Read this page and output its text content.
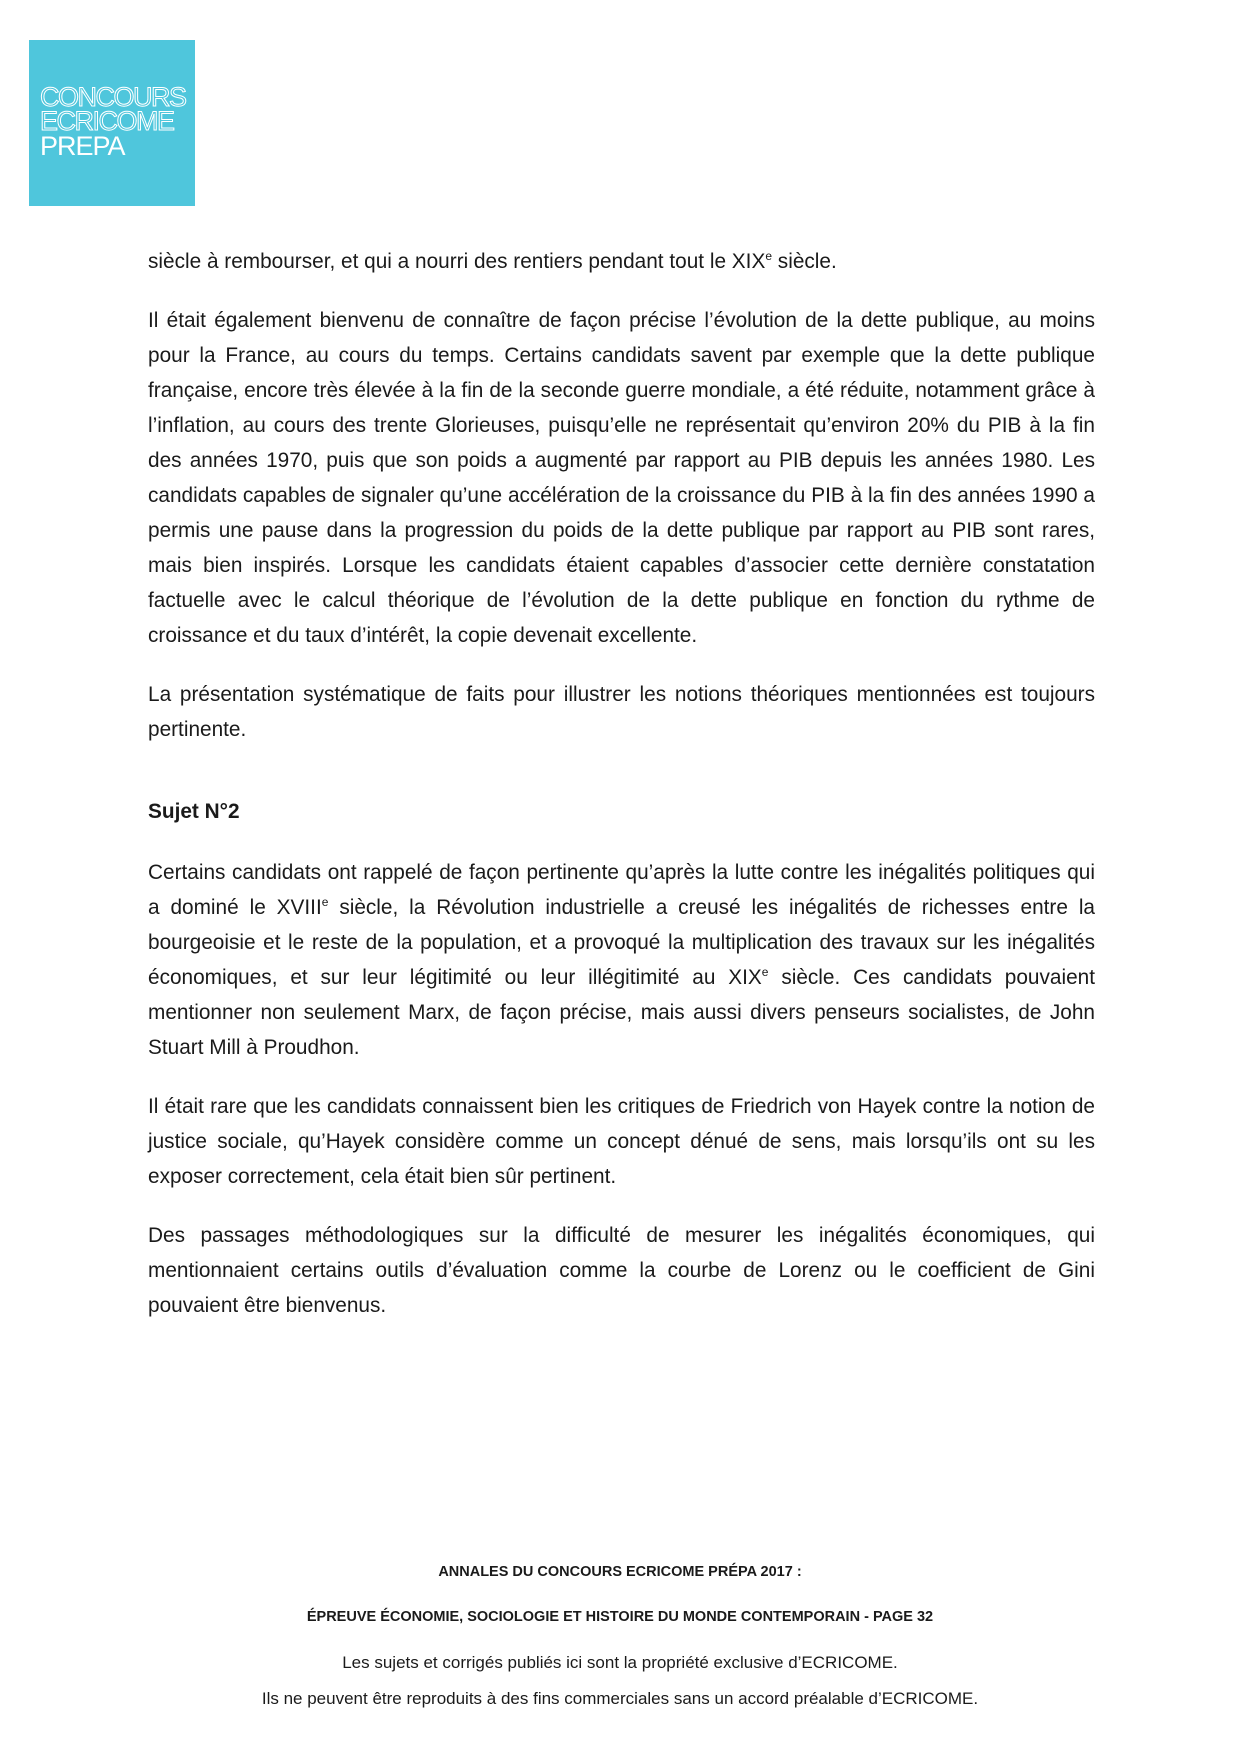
CONCOURS
ECRICOME
PREPA

siècle à rembourser, et qui a nourri des rentiers pendant tout le XIXe siècle.

Il était également bienvenu de connaître de façon précise l’évolution de la dette publique, au moins pour la France, au cours du temps. Certains candidats savent par exemple que la dette publique française, encore très élevée à la fin de la seconde guerre mondiale, a été réduite, notamment grâce à l’inflation, au cours des trente Glorieuses, puisqu’elle ne représentait qu’environ 20% du PIB à la fin des années 1970, puis que son poids a augmenté par rapport au PIB depuis les années 1980. Les candidats capables de signaler qu’une accélération de la croissance du PIB à la fin des années 1990 a permis une pause dans la progression du poids de la dette publique par rapport au PIB sont rares, mais bien inspirés. Lorsque les candidats étaient capables d’associer cette dernière constatation factuelle avec le calcul théorique de l’évolution de la dette publique en fonction du rythme de croissance et du taux d’intérêt, la copie devenait excellente.

La présentation systématique de faits pour illustrer les notions théoriques mentionnées est toujours pertinente.

Sujet N°2

Certains candidats ont rappelé de façon pertinente qu’après la lutte contre les inégalités politiques qui a dominé le XVIIIe siècle, la Révolution industrielle a creusé les inégalités de richesses entre la bourgeoisie et le reste de la population, et a provoqué la multiplication des travaux sur les inégalités économiques, et sur leur légitimité ou leur illégitimité au XIXe siècle. Ces candidats pouvaient mentionner non seulement Marx, de façon précise, mais aussi divers penseurs socialistes, de John Stuart Mill à Proudhon.

Il était rare que les candidats connaissent bien les critiques de Friedrich von Hayek contre la notion de justice sociale, qu’Hayek considère comme un concept dénué de sens, mais lorsqu’ils ont su les exposer correctement, cela était bien sûr pertinent.

Des passages méthodologiques sur la difficulté de mesurer les inégalités économiques, qui mentionnaient certains outils d’évaluation comme la courbe de Lorenz ou le coefficient de Gini pouvaient être bienvenus.

ANNALES DU CONCOURS ECRICOME PRÉPA 2017 :
ÉPREUVE ÉCONOMIE, SOCIOLOGIE ET HISTOIRE DU MONDE CONTEMPORAIN - PAGE 32
Les sujets et corrigés publiés ici sont la propriété exclusive d’ECRICOME.
Ils ne peuvent être reproduits à des fins commerciales sans un accord préalable d’ECRICOME.
